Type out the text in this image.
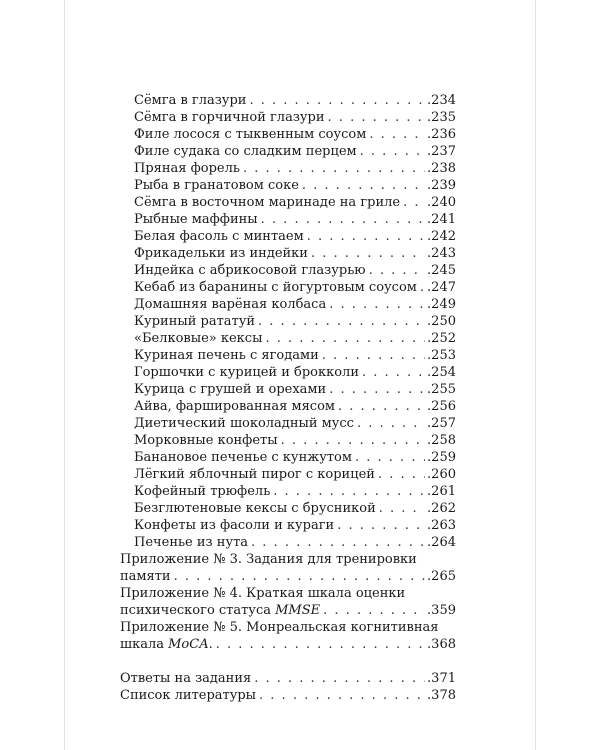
Сёмга в глазури . . .	.234
Сёмга в горчичной глазури . . .	.235
Филе лосося с тыквенным соусом . . .	.236
Филе судака со сладким перцем . . .	.237
Пряная форель . . .	.238
Рыба в гранатовом соке . . .	.239
Сёмга в восточном маринаде на гриле . . . .240
Рыбные маффины . . .	.241
Белая фасоль с минтаем . . .	.242
Фрикадельки из индейки . . .	.243
Индейка с абрикосовой глазурью . . .	.245
Кебаб из баранины с йогуртовым соусом . . . .247
Домашняя варёная колбаса . . .	.249
Куриный рататуй . . .	.250
«Белковые» кексы . . .	.252
Куриная печень с ягодами . . .	.253
Горшочки с курицей и брокколи . . .	.254
Курица с грушей и орехами . . .	.255
Айва, фаршированная мясом . . .	.256
Диетический шоколадный мусс . . .	.257
Морковные конфеты . . .	.258
Банановое печенье с кунжутом . . .	.259
Лёгкий яблочный пирог с корицей . . .	.260
Кофейный трюфель . . .	.261
Безглютеновые кексы с брусникой . . .	.262
Конфеты из фасоли и кураги . . .	.263
Печенье из нута . . .	.264
Приложение № 3. Задания для тренировки
памяти . . .	.265
Приложение № 4. Краткая шкала оценки
психического статуса MMSE . . .	.359
Приложение № 5. Монреальская когнитивная
шкала MoCA. . . .	.368
Ответы на задания . . .	.371
Список литературы . . .	.378
